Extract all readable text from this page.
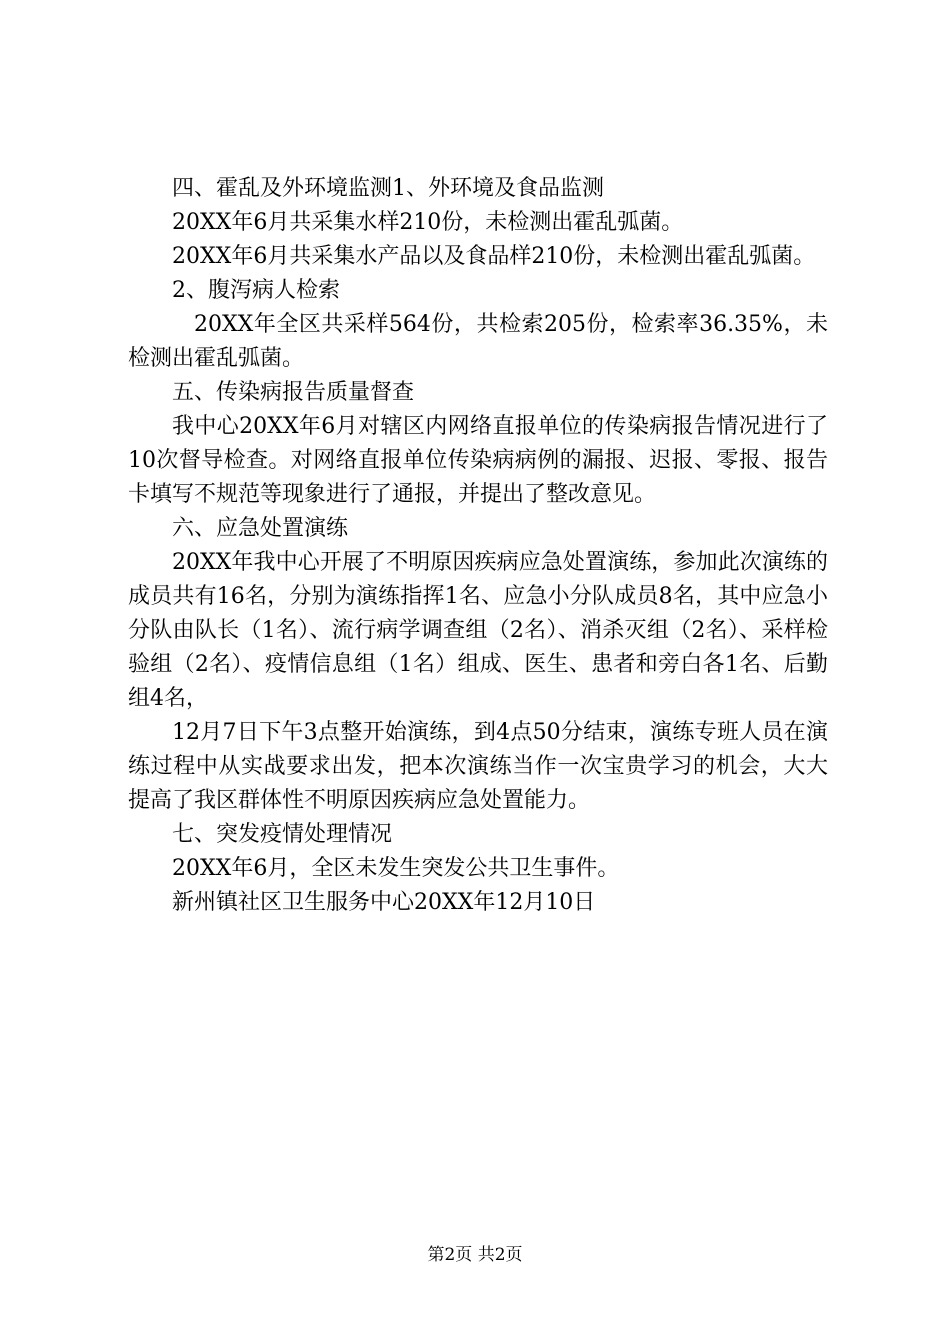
四、霍乱及外环境监测1、外环境及食品监测

20XX年6月共采集水样210份，未检测出霍乱弧菌。

20XX年6月共采集水产品以及食品样210份，未检测出霍乱弧菌。

2、腹泻病人检索

20XX年全区共采样564份，共检索205份，检索率36.35%，未检测出霍乱弧菌。

五、传染病报告质量督查

我中心20XX年6月对辖区内网络直报单位的传染病报告情况进行了10次督导检查。对网络直报单位传染病病例的漏报、迟报、零报、报告卡填写不规范等现象进行了通报，并提出了整改意见。

六、应急处置演练

20XX年我中心开展了不明原因疾病应急处置演练，参加此次演练的成员共有16名，分别为演练指挥1名、应急小分队成员8名，其中应急小分队由队长（1名）、流行病学调查组（2名）、消杀灭组（2名）、采样检验组（2名）、疫情信息组（1名）组成、医生、患者和旁白各1名、后勤组4名，

12月7日下午3点整开始演练，到4点50分结束，演练专班人员在演练过程中从实战要求出发，把本次演练当作一次宝贵学习的机会，大大提高了我区群体性不明原因疾病应急处置能力。

七、突发疫情处理情况

20XX年6月，全区未发生突发公共卫生事件。

新州镇社区卫生服务中心20XX年12月10日

第2页 共2页
